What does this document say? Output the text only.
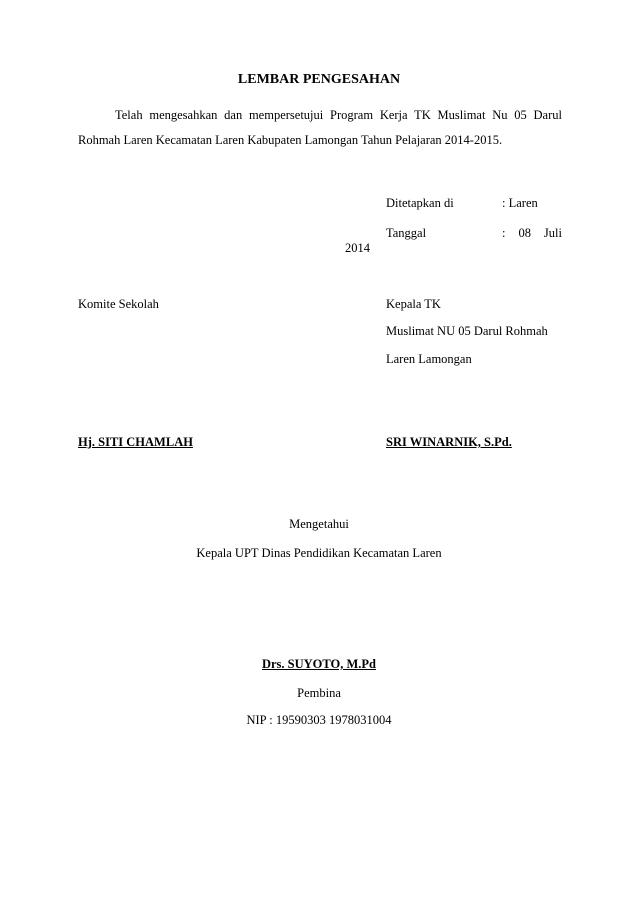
LEMBAR PENGESAHAN
Telah mengesahkan dan mempersetujui Program Kerja TK Muslimat Nu 05 Darul
Rohmah Laren Kecamatan Laren Kabupaten Lamongan Tahun Pelajaran 2014-2015.
Ditetapkan di	: Laren
Tanggal	: 08 Juli
2014
Komite Sekolah	Kepala TK
Muslimat NU 05 Darul Rohmah
Laren Lamongan
Hj. SITI CHAMLAH	SRI WINARNIK, S.Pd.
Mengetahui
Kepala UPT Dinas Pendidikan Kecamatan Laren
Drs. SUYOTO, M.Pd
Pembina
NIP : 19590303 1978031004
